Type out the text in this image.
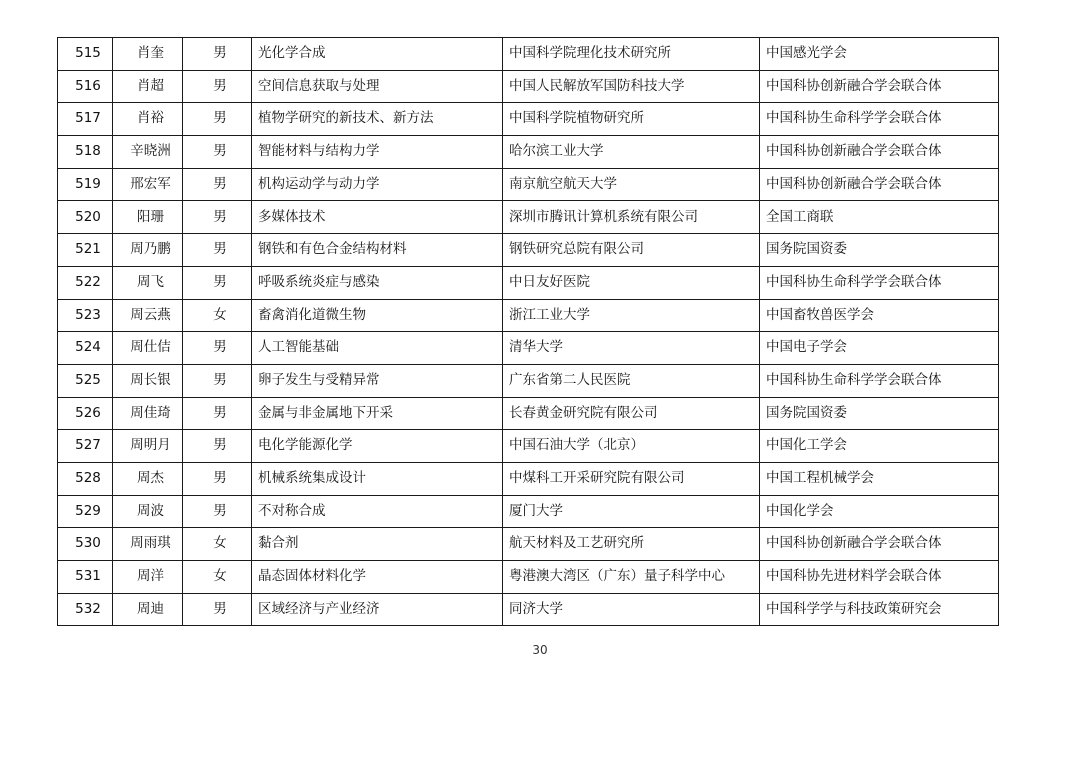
515	肖奎	男	光化学合成	中国科学院理化技术研究所	中国感光学会
516	肖超	男	空间信息获取与处理	中国人民解放军国防科技大学	中国科协创新融合学会联合体
517	肖裕	男	植物学研究的新技术、新方法	中国科学院植物研究所	中国科协生命科学学会联合体
518	辛晓洲	男	智能材料与结构力学	哈尔滨工业大学	中国科协创新融合学会联合体
519	邢宏军	男	机构运动学与动力学	南京航空航天大学	中国科协创新融合学会联合体
520	阳珊	男	多媒体技术	深圳市腾讯计算机系统有限公司	全国工商联
521	周乃鹏	男	钢铁和有色合金结构材料	钢铁研究总院有限公司	国务院国资委
522	周飞	男	呼吸系统炎症与感染	中日友好医院	中国科协生命科学学会联合体
523	周云燕	女	畜禽消化道微生物	浙江工业大学	中国畜牧兽医学会
524	周仕佶	男	人工智能基础	清华大学	中国电子学会
525	周长银	男	卵子发生与受精异常	广东省第二人民医院	中国科协生命科学学会联合体
526	周佳琦	男	金属与非金属地下开采	长春黄金研究院有限公司	国务院国资委
527	周明月	男	电化学能源化学	中国石油大学（北京）	中国化工学会
528	周杰	男	机械系统集成设计	中煤科工开采研究院有限公司	中国工程机械学会
529	周波	男	不对称合成	厦门大学	中国化学会
530	周雨琪	女	黏合剂	航天材料及工艺研究所	中国科协创新融合学会联合体
531	周洋	女	晶态固体材料化学	粤港澳大湾区（广东）量子科学中心	中国科协先进材料学会联合体
532	周迪	男	区域经济与产业经济	同济大学	中国科学学与科技政策研究会
30
